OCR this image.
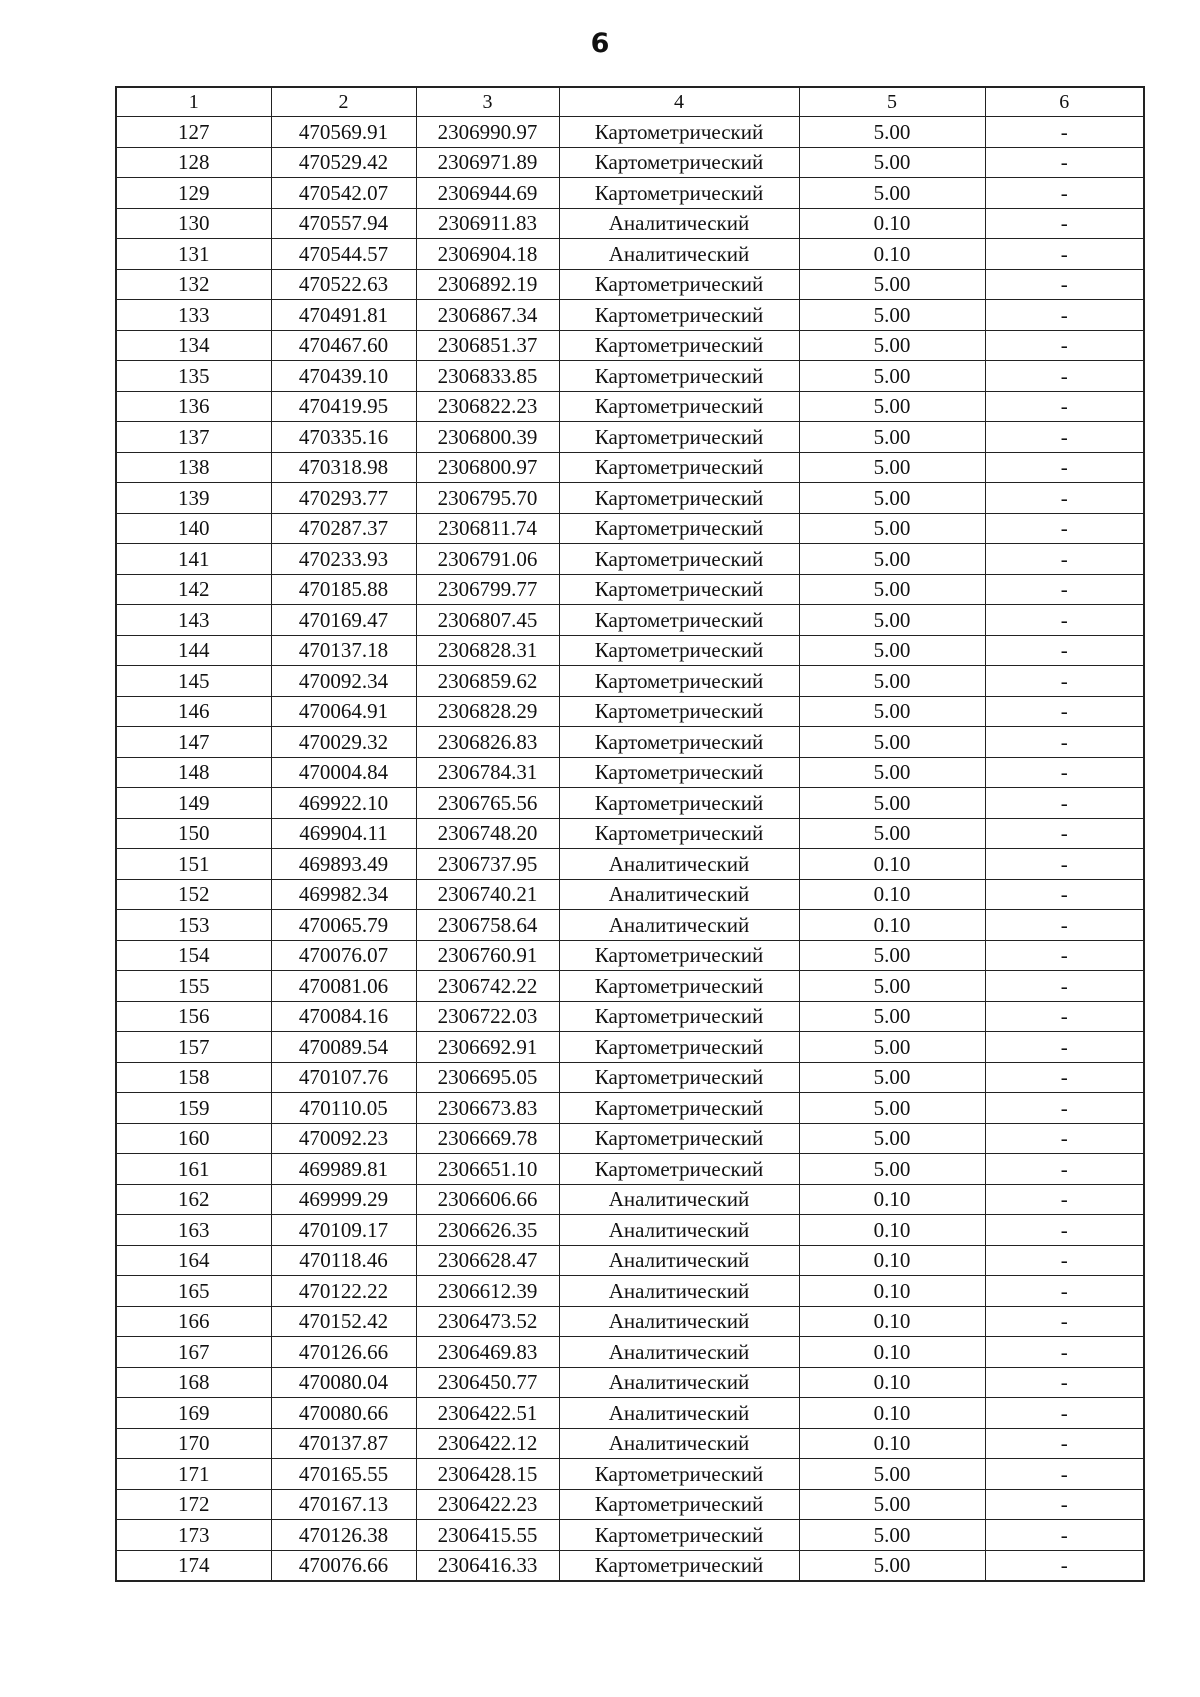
6
1	2	3	4	5	6
127	470569.91	2306990.97	Картометрический	5.00	-
128	470529.42	2306971.89	Картометрический	5.00	-
129	470542.07	2306944.69	Картометрический	5.00	-
130	470557.94	2306911.83	Аналитический	0.10	-
131	470544.57	2306904.18	Аналитический	0.10	-
132	470522.63	2306892.19	Картометрический	5.00	-
133	470491.81	2306867.34	Картометрический	5.00	-
134	470467.60	2306851.37	Картометрический	5.00	-
135	470439.10	2306833.85	Картометрический	5.00	-
136	470419.95	2306822.23	Картометрический	5.00	-
137	470335.16	2306800.39	Картометрический	5.00	-
138	470318.98	2306800.97	Картометрический	5.00	-
139	470293.77	2306795.70	Картометрический	5.00	-
140	470287.37	2306811.74	Картометрический	5.00	-
141	470233.93	2306791.06	Картометрический	5.00	-
142	470185.88	2306799.77	Картометрический	5.00	-
143	470169.47	2306807.45	Картометрический	5.00	-
144	470137.18	2306828.31	Картометрический	5.00	-
145	470092.34	2306859.62	Картометрический	5.00	-
146	470064.91	2306828.29	Картометрический	5.00	-
147	470029.32	2306826.83	Картометрический	5.00	-
148	470004.84	2306784.31	Картометрический	5.00	-
149	469922.10	2306765.56	Картометрический	5.00	-
150	469904.11	2306748.20	Картометрический	5.00	-
151	469893.49	2306737.95	Аналитический	0.10	-
152	469982.34	2306740.21	Аналитический	0.10	-
153	470065.79	2306758.64	Аналитический	0.10	-
154	470076.07	2306760.91	Картометрический	5.00	-
155	470081.06	2306742.22	Картометрический	5.00	-
156	470084.16	2306722.03	Картометрический	5.00	-
157	470089.54	2306692.91	Картометрический	5.00	-
158	470107.76	2306695.05	Картометрический	5.00	-
159	470110.05	2306673.83	Картометрический	5.00	-
160	470092.23	2306669.78	Картометрический	5.00	-
161	469989.81	2306651.10	Картометрический	5.00	-
162	469999.29	2306606.66	Аналитический	0.10	-
163	470109.17	2306626.35	Аналитический	0.10	-
164	470118.46	2306628.47	Аналитический	0.10	-
165	470122.22	2306612.39	Аналитический	0.10	-
166	470152.42	2306473.52	Аналитический	0.10	-
167	470126.66	2306469.83	Аналитический	0.10	-
168	470080.04	2306450.77	Аналитический	0.10	-
169	470080.66	2306422.51	Аналитический	0.10	-
170	470137.87	2306422.12	Аналитический	0.10	-
171	470165.55	2306428.15	Картометрический	5.00	-
172	470167.13	2306422.23	Картометрический	5.00	-
173	470126.38	2306415.55	Картометрический	5.00	-
174	470076.66	2306416.33	Картометрический	5.00	-
